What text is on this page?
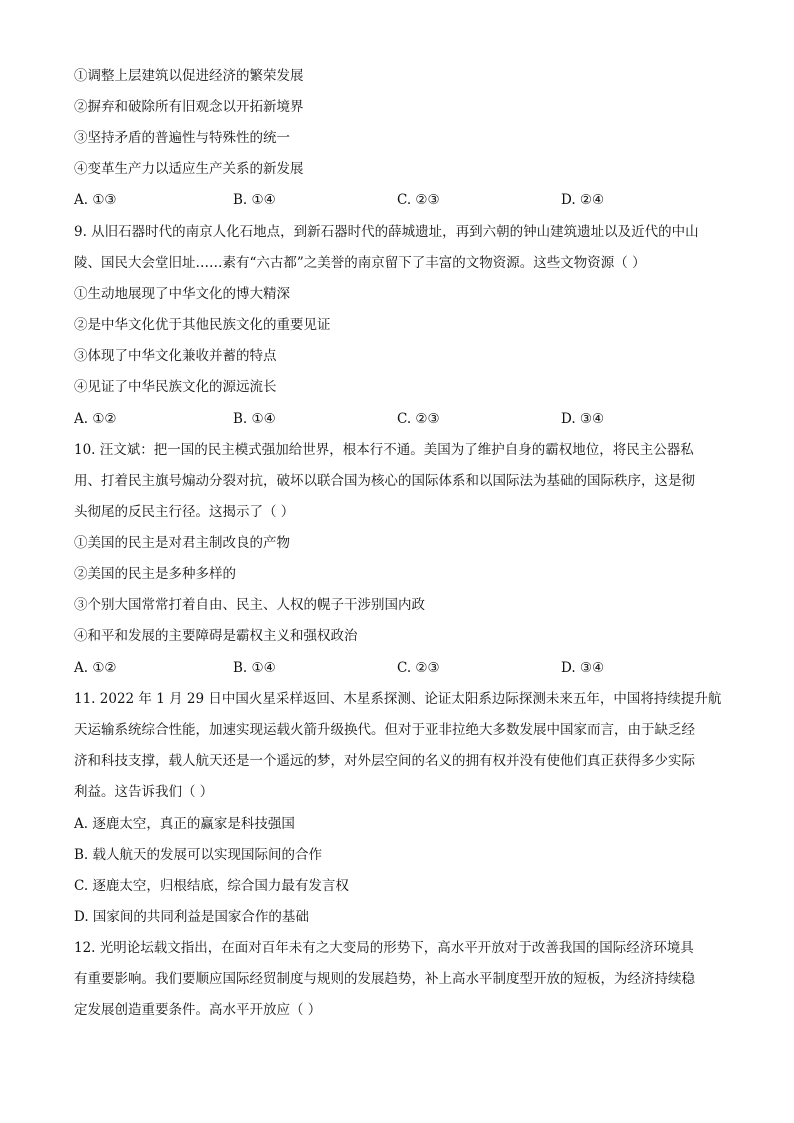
①调整上层建筑以促进经济的繁荣发展
②摒弃和破除所有旧观念以开拓新境界
③坚持矛盾的普遍性与特殊性的统一
④变革生产力以适应生产关系的新发展
A. ①③	B. ①④	C. ②③	D. ②④
9. 从旧石器时代的南京人化石地点，到新石器时代的薛城遗址，再到六朝的钟山建筑遗址以及近代的中山
陵、国民大会堂旧址……素有“六古都”之美誉的南京留下了丰富的文物资源。这些文物资源（ ）
①生动地展现了中华文化的博大精深
②是中华文化优于其他民族文化的重要见证
③体现了中华文化兼收并蓄的特点
④见证了中华民族文化的源远流长
A. ①②	B. ①④	C. ②③	D. ③④
10. 汪文斌：把一国的民主模式强加给世界，根本行不通。美国为了维护自身的霸权地位，将民主公器私
用、打着民主旗号煽动分裂对抗，破坏以联合国为核心的国际体系和以国际法为基础的国际秩序，这是彻
头彻尾的反民主行径。这揭示了（ ）
①美国的民主是对君主制改良的产物
②美国的民主是多种多样的
③个别大国常常打着自由、民主、人权的幌子干涉别国内政
④和平和发展的主要障碍是霸权主义和强权政治
A. ①②	B. ①④	C. ②③	D. ③④
11. 2022 年 1 月 29 日中国火星采样返回、木星系探测、论证太阳系边际探测未来五年，中国将持续提升航
天运输系统综合性能，加速实现运载火箭升级换代。但对于亚非拉绝大多数发展中国家而言，由于缺乏经
济和科技支撑，载人航天还是一个遥远的梦，对外层空间的名义的拥有权并没有使他们真正获得多少实际
利益。这告诉我们（ ）
A. 逐鹿太空，真正的赢家是科技强国
B. 载人航天的发展可以实现国际间的合作
C. 逐鹿太空，归根结底，综合国力最有发言权
D. 国家间的共同利益是国家合作的基础
12. 光明论坛载文指出，在面对百年未有之大变局的形势下，高水平开放对于改善我国的国际经济环境具
有重要影响。我们要顺应国际经贸制度与规则的发展趋势，补上高水平制度型开放的短板，为经济持续稳
定发展创造重要条件。高水平开放应（ ）
